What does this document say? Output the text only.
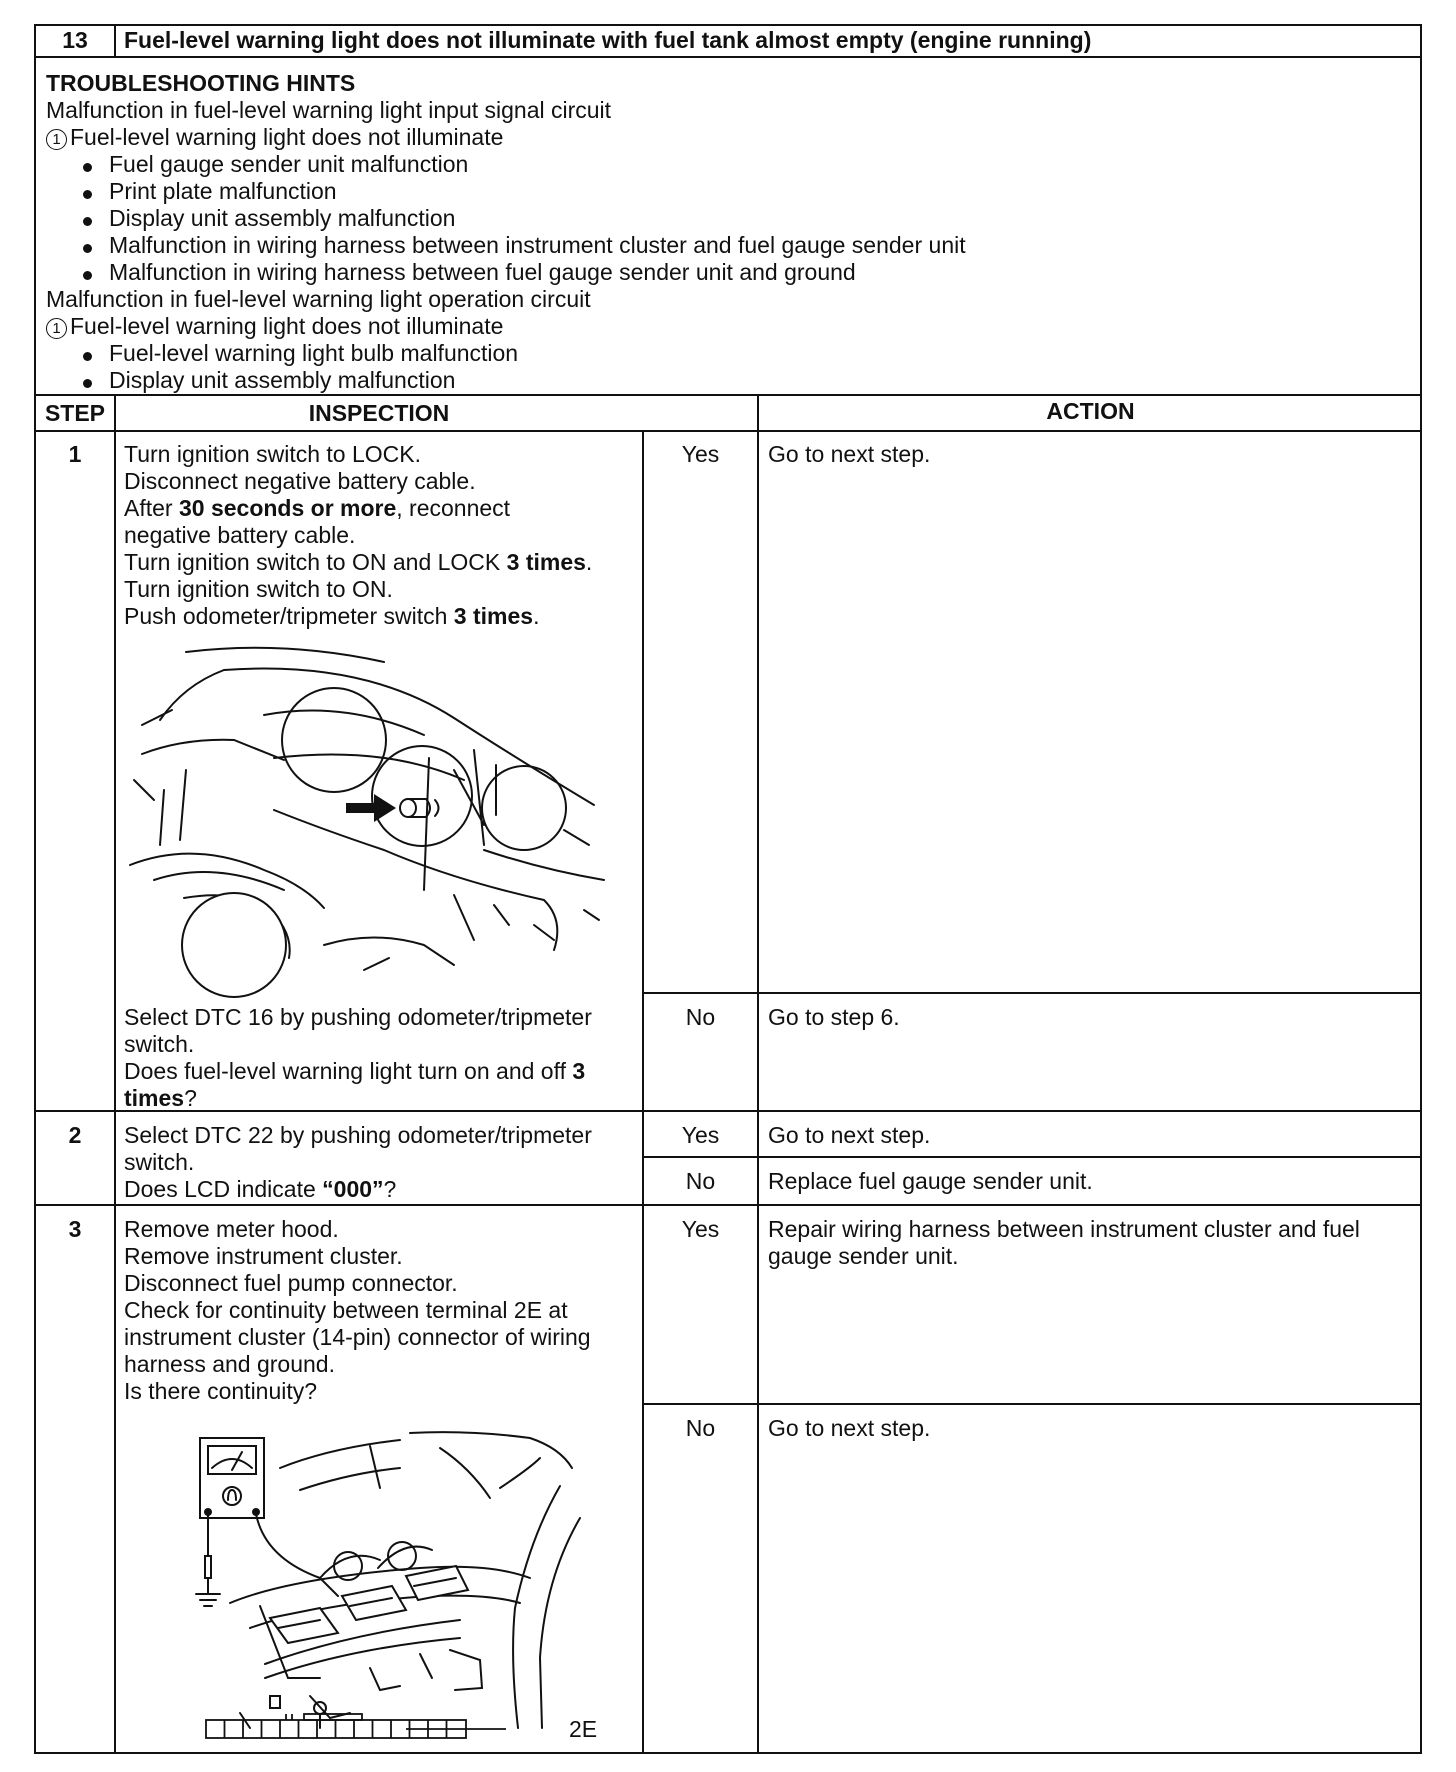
13	Fuel-level warning light does not illuminate with fuel tank almost empty (engine running)
TROUBLESHOOTING HINTS
Malfunction in fuel-level warning light input signal circuit
1 Fuel-level warning light does not illuminate
Fuel gauge sender unit malfunction
Print plate malfunction
Display unit assembly malfunction
Malfunction in wiring harness between instrument cluster and fuel gauge sender unit
Malfunction in wiring harness between fuel gauge sender unit and ground
Malfunction in fuel-level warning light operation circuit
1 Fuel-level warning light does not illuminate
Fuel-level warning light bulb malfunction
Display unit assembly malfunction
STEP	INSPECTION	ACTION
1	Turn ignition switch to LOCK.
Disconnect negative battery cable.
After 30 seconds or more, reconnect
negative battery cable.
Turn ignition switch to ON and LOCK 3 times.
Turn ignition switch to ON.
Push odometer/tripmeter switch 3 times.
Yes	Go to next step.
Select DTC 16 by pushing odometer/tripmeter
switch.
Does fuel-level warning light turn on and off 3
times?
No	Go to step 6.
2	Select DTC 22 by pushing odometer/tripmeter
switch.
Does LCD indicate “000”?
Yes	Go to next step.
No	Replace fuel gauge sender unit.
3	Remove meter hood.
Remove instrument cluster.
Disconnect fuel pump connector.
Check for continuity between terminal 2E at
instrument cluster (14-pin) connector of wiring
harness and ground.
Is there continuity?
Yes	Repair wiring harness between instrument cluster and fuel
gauge sender unit.
No	Go to next step.
2E
